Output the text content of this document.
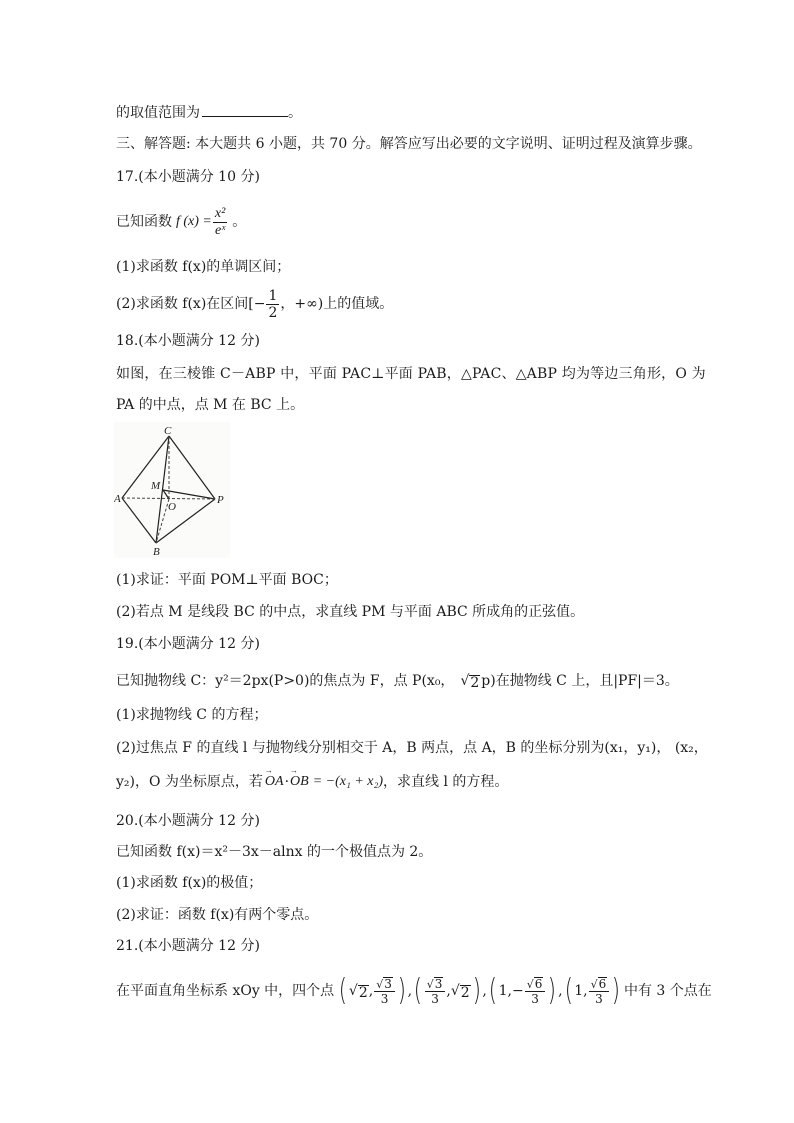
的取值范围为	。
三、解答题: 本大题共 6 小题，共 70 分。解答应写出必要的文字说明、证明过程及演算步骤。
17.(本小题满分 10 分)
已知函数 f $(x) = \frac{\text{x²}}{\text{eˣ}}$ 。
(1)求函数 f(x)的单调区间；
(2)求函数 f(x)在区间[− $\frac{1}{2}$ ，+∞)上的值域。
18.(本小题满分 12 分)
如图，在三棱锥 C－ABP 中，平面 PAC⊥平面 PAB，△PAC、△ABP 均为等边三角形，O 为
PA 的中点，点 M 在 BC 上。
C
A	P
M
O
B
(1)求证：平面 POM⊥平面 BOC；
(2)若点 M 是线段 BC 的中点，求直线 PM 与平面 ABC 所成角的正弦值。
19.(本小题满分 12 分)
已知抛物线 C：y²＝2px(P>0)的焦点为 F，点 P(x₀， √ 2 p)在抛物线 C 上，且|PF|＝3。
(1)求抛物线 C 的方程；
(2)过焦点 F 的直线 l 与抛物线分别相交于 A，B 两点，点 A，B 的坐标分别为(x₁，y₁)， (x₂，
y₂)，O 为坐标原点，若 → OA · → OB = −(x₁ + x₂) ，求直线 l 的方程。
20.(本小题满分 12 分)
已知函数 f(x)＝x²－3x－alnx 的一个极值点为 2。
(1)求函数 f(x)的极值；
(2)求证：函数 f(x)有两个零点。
21.(本小题满分 12 分)
在平面直角坐标系 xOy 中，四个点 ( √ 2 , $\frac{√ 3}{3}$ ) , ( $\frac{√ 3}{3}$ , √ 2 ) , ( $1,- \frac{√ 6}{3}$ ) , ( 1, $\frac{√ 6}{3}$ ) 中有 3 个点在
